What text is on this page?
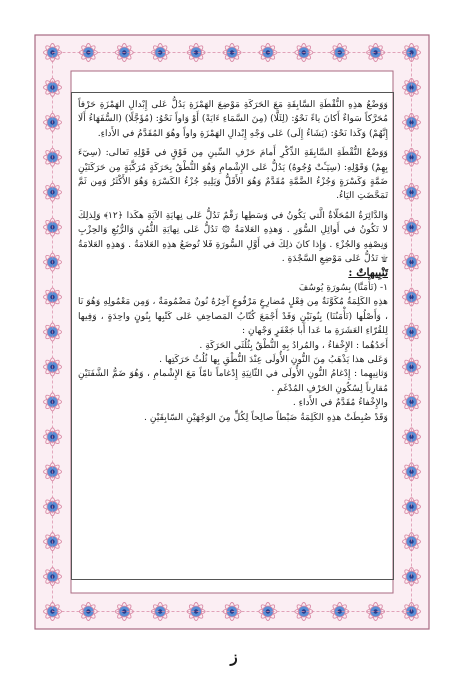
وَوَضْعُ هذِهِ النُّقْطَةِ السَّابِقَةِ مَعَ الحَرَكَةِ مَوْضِعَ الهَمْزَةِ يَدُلُّ عَلى إِبْدالِ الهَمْزَةِ حَرْفاً مُحَرَّكاً سَواءٌ أَكانَ ياءً نَحْوُ: (لِئَلَّا) (مِنَ السَّمَاءِ ءَايَةً) أَوْ وَاواً نَحْوُ: (مُؤَجَّلًا) (السُّفَهَاءُ أَلَا إِنَّهُمْ) وَكَذا نَحْوُ: (يَشَاءُ إِلَى) عَلى وَجْهِ إِبْدالِ الهَمْزَةِ واواً وهُوَ المُقَدَّمُ في الأَداءِ.

وَوَضْعُ النُّقْطَةِ السَّابِقَةِ الذِّكْرِ أَمامَ حَرْفِ السِّينِ مِن فَوْقٍ في قَوْلِهِ تَعالى: (سِيٓءَ بِهِمْ) وَقَوْلِهِ: (سِيٓـَٔتْ وُجُوهُ) يَدُلُّ عَلى الإِشْمامِ وَهُوَ النُّطْقُ بِحَرَكَةٍ مُرَكَّبَةٍ مِن حَرَكَتَيْنِ ضَمَّةٍ وَكَسْرَةٍ وَجُزْءُ الضَّمَّةِ مُقَدَّمٌ وَهُوَ الأَقَلُّ وَيَلِيهِ جُزْءُ الكَسْرَةِ وَهُوَ الأَكْثَرُ وَمِن ثَمَّ تَمَحَّضَتِ اليَاءُ.

وَالدَّائِرَةُ المُحَلّاةُ الَّتي يَكُونُ في وَسَطِها رَقْمٌ تَدُلُّ عَلى نِهايَةِ الآيَةِ هكَذا ﴿١٢﴾ وَلِذلِكَ لا تَكُونُ في أَوائِلِ السُّوَرِ . وَهذِهِ العَلامَةُ ۞ تَدُلُّ عَلى نِهايَةِ الثُّمُنِ وَالرُّبُعِ وَالحِزْبِ وَنِصْفِهِ وَالجُزْءِ . وَإِذا كانَ ذلِكَ في أَوَّلِ السُّورَةِ فَلا تُوضَعُ هذِهِ العَلامَةُ . وَهذِهِ العَلامَةُ ۩ تَدُلُّ عَلى مَوْضِعِ السَّجْدَةِ .

تَنْبِيهاتٌ :

١- (تَأْمَنَّا) بِسُورَةِ يُوسُفَ

هذِهِ الكَلِمَةُ مُكَوَّنَةٌ مِن فِعْلٍ مُضارِعٍ مَرْفُوعٍ آخِرُهُ نُونٌ مَضْمُومَةٌ ، وَمِن مَعْمُولِهِ وَهُوَ نَا ، وَأَصْلُها (تَأْمَنُنَا) بِنُونَيْنِ وَقَدْ أَجْمَعَ كُتّابُ المَصاحِفِ عَلى كَتْبِها بِنُونٍ واحِدَةٍ ، وَفِيها لِلقُرّاءِ العَشَرَةِ ما عَدا أَبا جَعْفَرٍ وَجْهانِ :

أَحَدُهُما : الإِخْفاءُ ، والمُرادُ بِهِ النُّطْقُ بِثُلُثَي الحَرَكَةِ .

وَعَلى هذا يَذْهَبُ مِنَ النُّونِ الأُولَى عِنْدَ النُّطْقِ بِها ثُلُثُ حَرَكَتِها .

وَثانِيهِما : إِدْغامُ النُّونِ الأُولَى في الثّانِيَةِ إِدْغاماً تامّاً مَعَ الإِشْمامِ ، وَهُوَ ضَمُّ الشَّفَتَيْنِ مُقارِناً لِسُكُونِ الحَرْفِ المُدْغَمِ .

والإِخْفاءُ مُقَدَّمٌ في الأَداءِ .

وَقَدْ ضُبِطَتْ هذِهِ الكَلِمَةُ ضَبْطاً صالِحاً لِكُلٍّ مِنَ الوَجْهَيْنِ السّابِقَيْنِ .

ز
